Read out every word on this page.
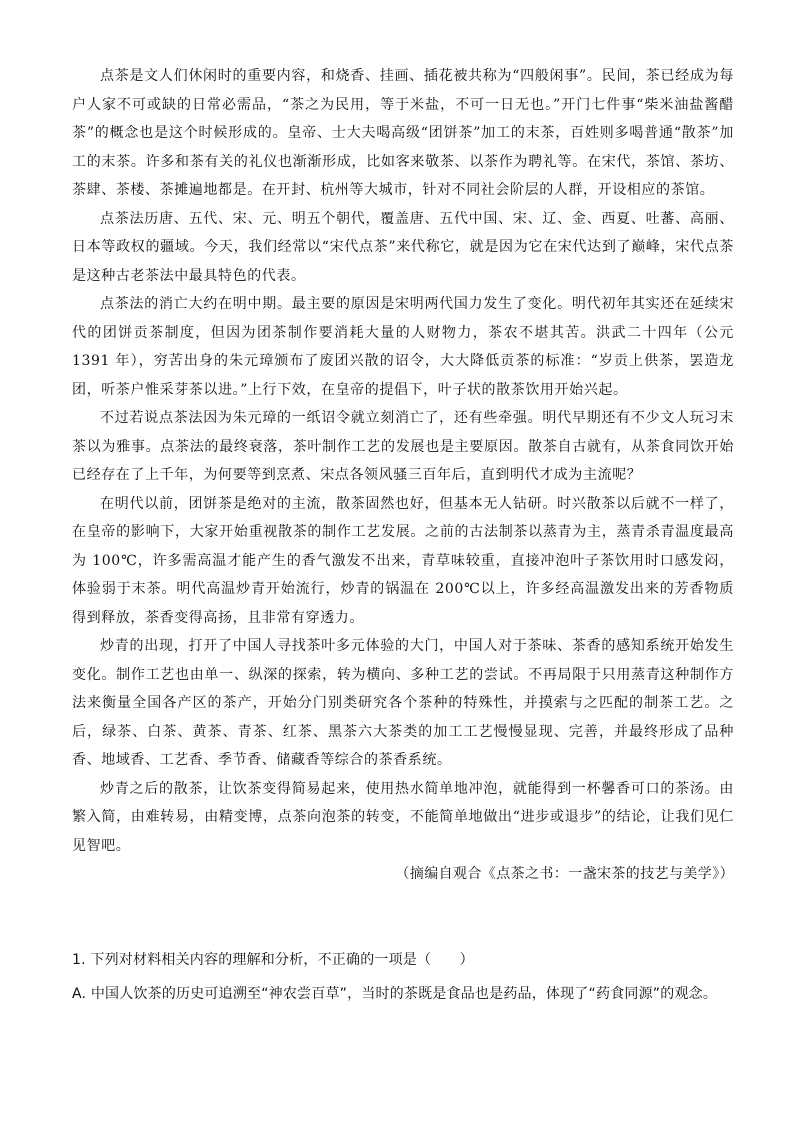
点茶是文人们休闲时的重要内容，和烧香、挂画、插花被共称为“四般闲事”。民间，茶已经成为每户人家不可或缺的日常必需品，“茶之为民用，等于米盐，不可一日无也。”开门七件事“柴米油盐酱醋茶”的概念也是这个时候形成的。皇帝、士大夫喝高级“团饼茶”加工的末茶，百姓则多喝普通“散茶”加工的末茶。许多和茶有关的礼仪也渐渐形成，比如客来敬茶、以茶作为聘礼等。在宋代，茶馆、茶坊、茶肆、茶楼、茶摊遍地都是。在开封、杭州等大城市，针对不同社会阶层的人群，开设相应的茶馆。

点茶法历唐、五代、宋、元、明五个朝代，覆盖唐、五代中国、宋、辽、金、西夏、吐蕃、高丽、日本等政权的疆域。今天，我们经常以“宋代点茶”来代称它，就是因为它在宋代达到了巅峰，宋代点茶是这种古老茶法中最具特色的代表。

点茶法的消亡大约在明中期。最主要的原因是宋明两代国力发生了变化。明代初年其实还在延续宋代的团饼贡茶制度，但因为团茶制作要消耗大量的人财物力，茶农不堪其苦。洪武二十四年（公元 1391 年），穷苦出身的朱元璋颁布了废团兴散的诏令，大大降低贡茶的标准：“岁贡上供茶，罢造龙团，听茶户惟采芽茶以进。”上行下效，在皇帝的提倡下，叶子状的散茶饮用开始兴起。

不过若说点茶法因为朱元璋的一纸诏令就立刻消亡了，还有些牵强。明代早期还有不少文人玩习末茶以为雅事。点茶法的最终衰落，茶叶制作工艺的发展也是主要原因。散茶自古就有，从茶食同饮开始已经存在了上千年，为何要等到烹煮、宋点各领风骚三百年后，直到明代才成为主流呢？

在明代以前，团饼茶是绝对的主流，散茶固然也好，但基本无人钻研。时兴散茶以后就不一样了，在皇帝的影响下，大家开始重视散茶的制作工艺发展。之前的古法制茶以蒸青为主，蒸青杀青温度最高为 100℃，许多需高温才能产生的香气激发不出来，青草味较重，直接冲泡叶子茶饮用时口感发闷，体验弱于末茶。明代高温炒青开始流行，炒青的锅温在 200℃以上，许多经高温激发出来的芳香物质得到释放，茶香变得高扬，且非常有穿透力。

炒青的出现，打开了中国人寻找茶叶多元体验的大门，中国人对于茶味、茶香的感知系统开始发生变化。制作工艺也由单一、纵深的探索，转为横向、多种工艺的尝试。不再局限于只用蒸青这种制作方法来衡量全国各产区的茶产，开始分门别类研究各个茶种的特殊性，并摸索与之匹配的制茶工艺。之后，绿茶、白茶、黄茶、青茶、红茶、黑茶六大茶类的加工工艺慢慢显现、完善，并最终形成了品种香、地域香、工艺香、季节香、储藏香等综合的茶香系统。

炒青之后的散茶，让饮茶变得简易起来，使用热水简单地冲泡，就能得到一杯馨香可口的茶汤。由繁入简，由难转易，由精变博，点茶向泡茶的转变，不能简单地做出“进步或退步”的结论，让我们见仁见智吧。

（摘编自观合《点茶之书：一盏宋茶的技艺与美学》）
1. 下列对材料相关内容的理解和分析，不正确的一项是（　　）
A. 中国人饮茶的历史可追溯至“神农尝百草”，当时的茶既是食品也是药品，体现了“药食同源”的观念。
